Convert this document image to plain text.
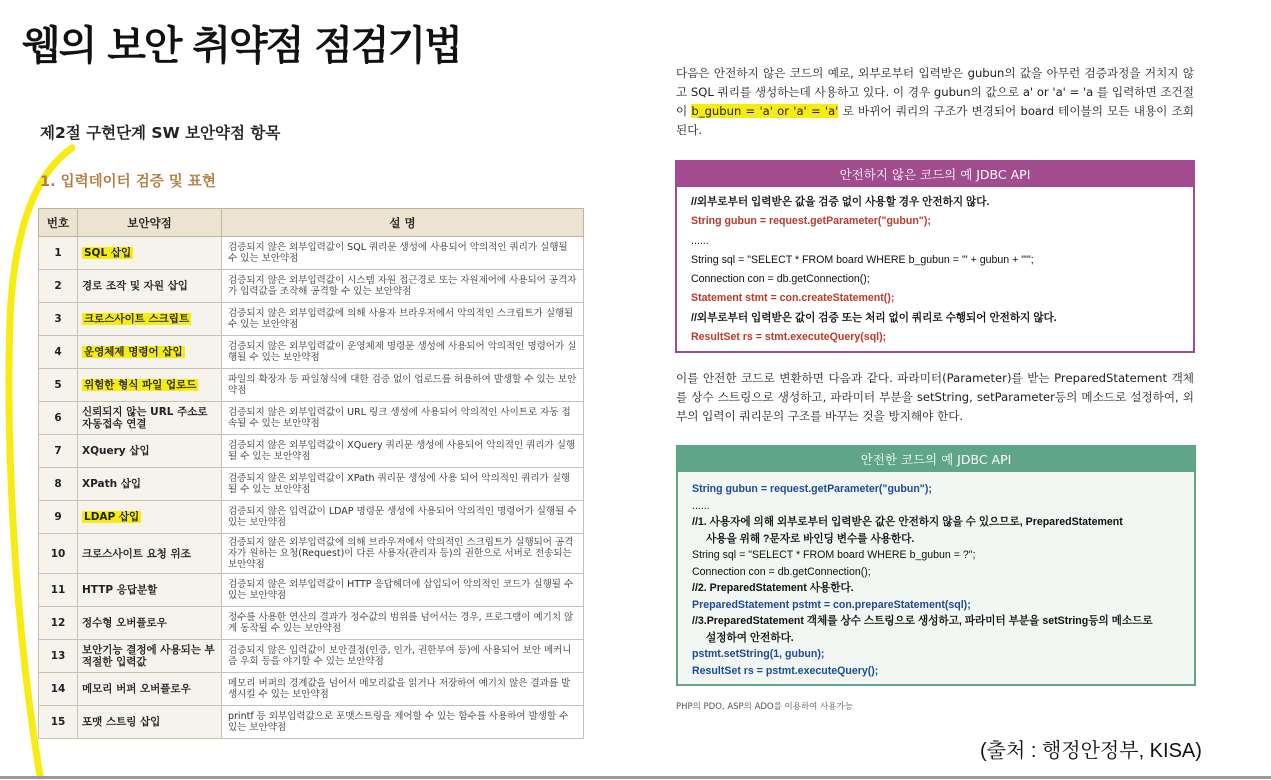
웹의 보안 취약점 점검기법
제2절 구현단계 SW 보안약점 항목
1. 입력데이터 검증 및 표현
번호	보안약점	설 명
1	SQL 삽입	검증되지 않은 외부입력값이 SQL 쿼리문 생성에 사용되어 악의적인 쿼리가 실행될 수 있는 보안약점
2	경로 조작 및 자원 삽입	검증되지 않은 외부입력값이 시스템 자원 접근경로 또는 자원제어에 사용되어 공격자가 입력값을 조작해 공격할 수 있는 보안약점
3	크로스사이트 스크립트	검증되지 않은 외부입력값에 의해 사용자 브라우저에서 악의적인 스크립트가 실행될 수 있는 보안약점
4	운영체제 명령어 삽입	검증되지 않은 외부입력값이 운영체제 명령문 생성에 사용되어 악의적인 명령어가 실행될 수 있는 보안약점
5	위험한 형식 파일 업로드	파일의 확장자 등 파일형식에 대한 검증 없이 업로드를 허용하여 발생할 수 있는 보안약점
6	신뢰되지 않는 URL 주소로 자동접속 연결	검증되지 않은 외부입력값이 URL 링크 생성에 사용되어 악의적인 사이트로 자동 접속될 수 있는 보안약점
7	XQuery 삽입	검증되지 않은 외부입력값이 XQuery 쿼리문 생성에 사용되어 악의적인 쿼리가 실행될 수 있는 보안약점
8	XPath 삽입	검증되지 않은 외부입력값이 XPath 쿼리문 생성에 사용 되어 악의적인 쿼리가 실행될 수 있는 보안약점
9	LDAP 삽입	검증되지 않은 입력값이 LDAP 명령문 생성에 사용되어 악의적인 명령어가 실행될 수 있는 보안약점
10	크로스사이트 요청 위조	검증되지 않은 외부입력값에 의해 브라우저에서 악의적인 스크립트가 실행되어 공격자가 원하는 요청(Request)이 다른 사용자(관리자 등)의 권한으로 서버로 전송되는 보안약점
11	HTTP 응답분할	검증되지 않은 외부입력값이 HTTP 응답헤더에 삽입되어 악의적인 코드가 실행될 수 있는 보안약점
12	정수형 오버플로우	정수를 사용한 연산의 결과가 정수값의 범위를 넘어서는 경우, 프로그램이 예기치 않게 동작될 수 있는 보안약점
13	보안기능 결정에 사용되는 부적절한 입력값	검증되지 않은 입력값이 보안결정(인증, 인가, 권한부여 등)에 사용되어 보안 메커니즘 우회 등을 야기할 수 있는 보안약점
14	메모리 버퍼 오버플로우	메모리 버퍼의 경계값을 넘어서 메모리값을 읽거나 저장하여 예기치 않은 결과를 발생시킬 수 있는 보안약점
15	포맷 스트링 삽입	printf 등 외부입력값으로 포맷스트링을 제어할 수 있는 함수를 사용하여 발생할 수 있는 보안약점
다음은 안전하지 않은 코드의 예로, 외부로부터 입력받은 gubun의 값을 아무런 검증과정을 거치지 않고 SQL 쿼리를 생성하는데 사용하고 있다. 이 경우 gubun의 값으로 a' or 'a' = 'a 를 입력하면 조건절이 b_gubun = 'a' or 'a' = 'a' 로 바뀌어 쿼리의 구조가 변경되어 board 테이블의 모든 내용이 조회된다.
안전하지 않은 코드의 예 JDBC API
//외부로부터 입력받은 값을 검증 없이 사용할 경우 안전하지 않다.
String gubun = request.getParameter("gubun");
......
String sql = "SELECT * FROM board WHERE b_gubun = '" + gubun + "'";
Connection con = db.getConnection();
Statement stmt = con.createStatement();
//외부로부터 입력받은 값이 검증 또는 처리 없이 쿼리로 수행되어 안전하지 않다.
ResultSet rs = stmt.executeQuery(sql);
이를 안전한 코드로 변환하면 다음과 같다. 파라미터(Parameter)를 받는 PreparedStatement 객체를 상수 스트링으로 생성하고, 파라미터 부분을 setString, setParameter등의 메소드로 설정하여, 외부의 입력이 쿼리문의 구조를 바꾸는 것을 방지해야 한다.
안전한 코드의 예 JDBC API
String gubun = request.getParameter("gubun");
......
//1. 사용자에 의해 외부로부터 입력받은 값은 안전하지 않을 수 있으므로, PreparedStatement
사용을 위해 ?문자로 바인딩 변수를 사용한다.
String sql = "SELECT * FROM board WHERE b_gubun = ?";
Connection con = db.getConnection();
//2. PreparedStatement 사용한다.
PreparedStatement pstmt = con.prepareStatement(sql);
//3.PreparedStatement 객체를 상수 스트링으로 생성하고, 파라미터 부분을 setString등의 메소드로
설정하여 안전하다.
pstmt.setString(1, gubun);
ResultSet rs = pstmt.executeQuery();
PHP의 PDO, ASP의 ADO를 이용하여 사용가능
(출처 : 행정안정부, KISA)
